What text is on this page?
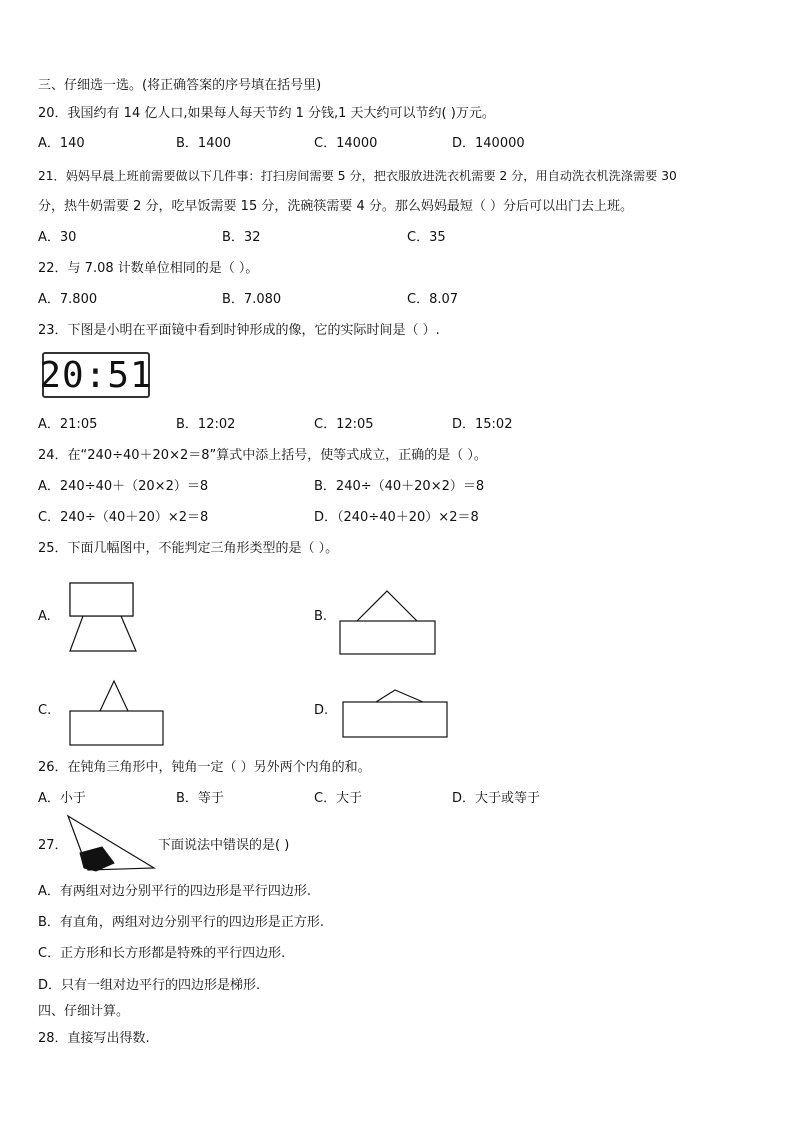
三、仔细选一选。(将正确答案的序号填在括号里)
20．我国约有 14 亿人口,如果每人每天节约 1 分钱,1 天大约可以节约( )万元。
A．140	B．1400	C．14000	D．140000
21．妈妈早晨上班前需要做以下几件事：打扫房间需要 5 分，把衣服放进洗衣机需要 2 分，用自动洗衣机洗涤需要 30
分，热牛奶需要 2 分，吃早饭需要 15 分，洗碗筷需要 4 分。那么妈妈最短（ ）分后可以出门去上班。
A．30	B．32	C．35
22．与 7.08 计数单位相同的是（ ）。
A．7.800	B．7.080	C．8.07
23．下图是小明在平面镜中看到时钟形成的像，它的实际时间是（ ）.
20:51
A．21:05	B．12:02	C．12:05	D．15:02
24．在“240÷40＋20×2＝8”算式中添上括号，使等式成立，正确的是（ ）。
A．240÷40＋（20×2）＝8	B．240÷（40＋20×2）＝8
C．240÷（40＋20）×2＝8	D．（240÷40＋20）×2＝8
25．下面几幅图中，不能判定三角形类型的是（ ）。
A.	B.
C.	D.
26．在钝角三角形中，钝角一定（ ）另外两个内角的和。
A．小于	B．等于	C．大于	D．大于或等于
27．	下面说法中错误的是( )
A．有两组对边分别平行的四边形是平行四边形.
B．有直角，两组对边分别平行的四边形是正方形.
C．正方形和长方形都是特殊的平行四边形.
D．只有一组对边平行的四边形是梯形.
四、仔细计算。
28．直接写出得数.
